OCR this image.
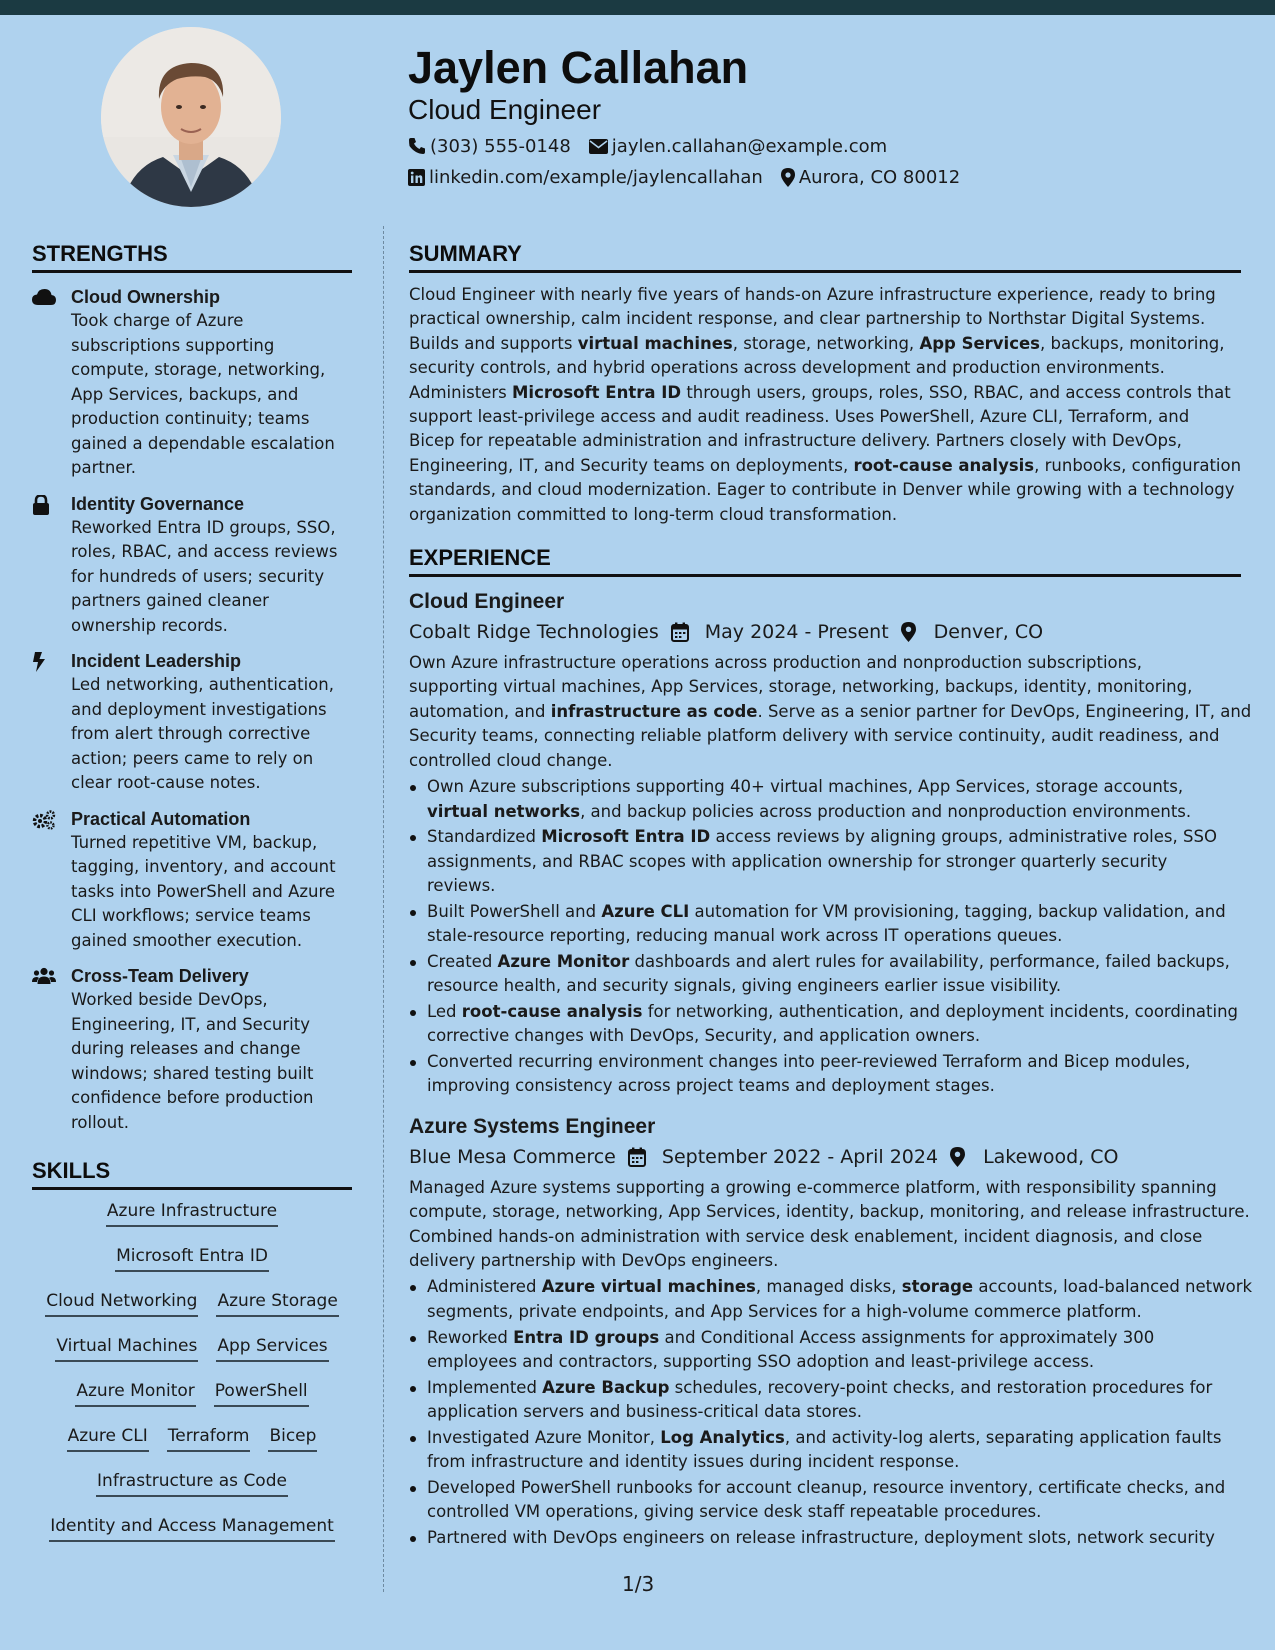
Jaylen Callahan
Cloud Engineer
(303) 555-0148 jaylen.callahan@example.com
linkedin.com/example/jaylencallahan Aurora, CO 80012
STRENGTHS
Cloud Ownership

Took charge of Azure
subscriptions supporting
compute, storage, networking,
App Services, backups, and
production continuity; teams
gained a dependable escalation
partner.

Identity Governance

Reworked Entra ID groups, SSO,
roles, RBAC, and access reviews
for hundreds of users; security
partners gained cleaner
ownership records.

Incident Leadership

Led networking, authentication,
and deployment investigations
from alert through corrective
action; peers came to rely on
clear root-cause notes.

Practical Automation

Turned repetitive VM, backup,
tagging, inventory, and account
tasks into PowerShell and Azure
CLI workflows; service teams
gained smoother execution.

Cross-Team Delivery

Worked beside DevOps,
Engineering, IT, and Security
during releases and change
windows; shared testing built
confidence before production
rollout.

SKILLS
Azure Infrastructure
Microsoft Entra ID
Cloud Networking Azure Storage
Virtual Machines App Services
Azure Monitor PowerShell
Azure CLI Terraform Bicep
Infrastructure as Code
Identity and Access Management
SUMMARY
Cloud Engineer with nearly five years of hands-on Azure infrastructure experience, ready to bring
practical ownership, calm incident response, and clear partnership to Northstar Digital Systems.
Builds and supports virtual machines, storage, networking, App Services, backups, monitoring,
security controls, and hybrid operations across development and production environments.
Administers Microsoft Entra ID through users, groups, roles, SSO, RBAC, and access controls that
support least-privilege access and audit readiness. Uses PowerShell, Azure CLI, Terraform, and
Bicep for repeatable administration and infrastructure delivery. Partners closely with DevOps,
Engineering, IT, and Security teams on deployments, root-cause analysis, runbooks, configuration
standards, and cloud modernization. Eager to contribute in Denver while growing with a technology
organization committed to long-term cloud transformation.
EXPERIENCE
Cloud Engineer
Cobalt Ridge Technologies May 2024 - Present Denver, CO
Own Azure infrastructure operations across production and nonproduction subscriptions,
supporting virtual machines, App Services, storage, networking, backups, identity, monitoring,
automation, and infrastructure as code. Serve as a senior partner for DevOps, Engineering, IT, and
Security teams, connecting reliable platform delivery with service continuity, audit readiness, and
controlled cloud change.
Own Azure subscriptions supporting 40+ virtual machines, App Services, storage accounts,
virtual networks, and backup policies across production and nonproduction environments.
Standardized Microsoft Entra ID access reviews by aligning groups, administrative roles, SSO
assignments, and RBAC scopes with application ownership for stronger quarterly security
reviews.
Built PowerShell and Azure CLI automation for VM provisioning, tagging, backup validation, and
stale-resource reporting, reducing manual work across IT operations queues.
Created Azure Monitor dashboards and alert rules for availability, performance, failed backups,
resource health, and security signals, giving engineers earlier issue visibility.
Led root-cause analysis for networking, authentication, and deployment incidents, coordinating
corrective changes with DevOps, Security, and application owners.
Converted recurring environment changes into peer-reviewed Terraform and Bicep modules,
improving consistency across project teams and deployment stages.
Azure Systems Engineer
Blue Mesa Commerce September 2022 - April 2024 Lakewood, CO
Managed Azure systems supporting a growing e-commerce platform, with responsibility spanning
compute, storage, networking, App Services, identity, backup, monitoring, and release infrastructure.
Combined hands-on administration with service desk enablement, incident diagnosis, and close
delivery partnership with DevOps engineers.
Administered Azure virtual machines, managed disks, storage accounts, load-balanced network
segments, private endpoints, and App Services for a high-volume commerce platform.
Reworked Entra ID groups and Conditional Access assignments for approximately 300
employees and contractors, supporting SSO adoption and least-privilege access.
Implemented Azure Backup schedules, recovery-point checks, and restoration procedures for
application servers and business-critical data stores.
Investigated Azure Monitor, Log Analytics, and activity-log alerts, separating application faults
from infrastructure and identity issues during incident response.
Developed PowerShell runbooks for account cleanup, resource inventory, certificate checks, and
controlled VM operations, giving service desk staff repeatable procedures.
Partnered with DevOps engineers on release infrastructure, deployment slots, network security
1/3
